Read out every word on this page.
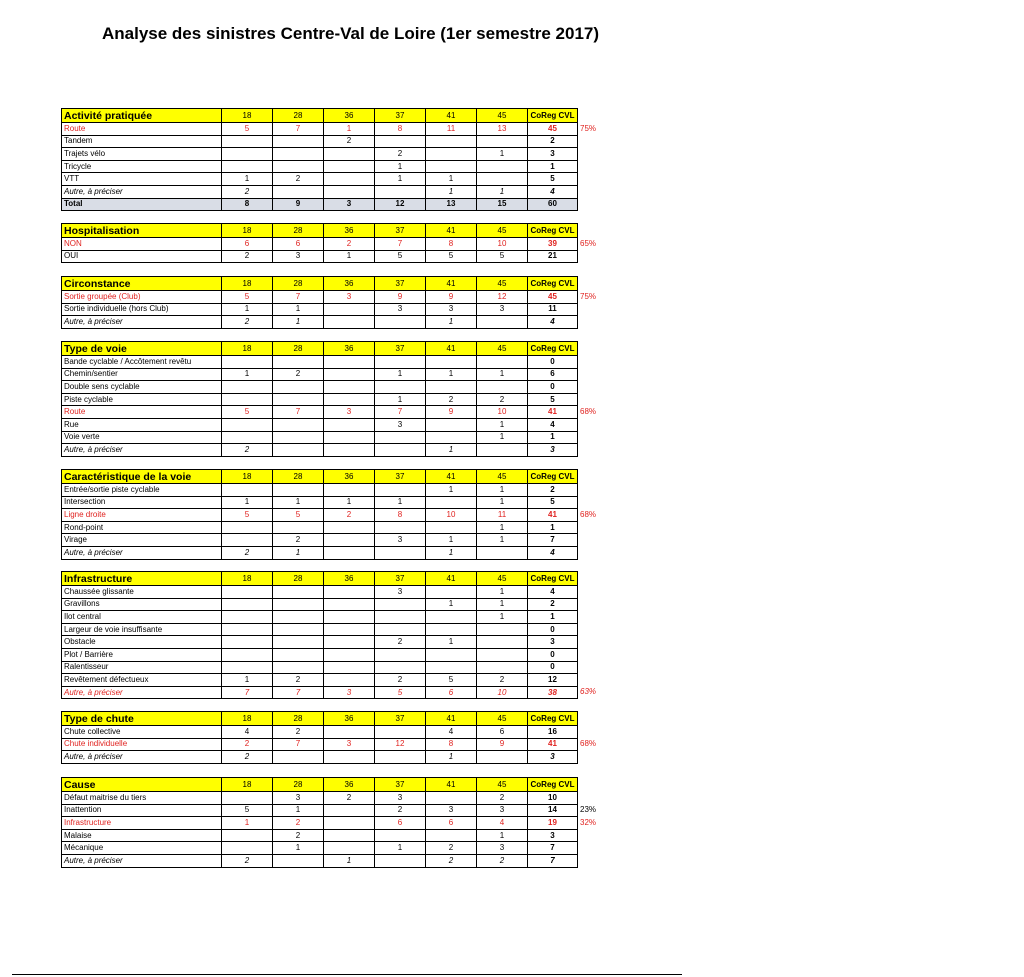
Analyse des sinistres Centre-Val de Loire (1er semestre 2017)
75%
Activité pratiquée	18	28	36	37	41	45	CoReg CVL
Route	5	7	1	8	11	13	45
Tandem			2				2
Trajets vélo				2		1	3
Tricycle				1			1
VTT	1	2		1	1		5
Autre, à préciser	2				1	1	4
Total	8	9	3	12	13	15	60
65%
Hospitalisation	18	28	36	37	41	45	CoReg CVL
NON	6	6	2	7	8	10	39
OUI	2	3	1	5	5	5	21
75%
Circonstance	18	28	36	37	41	45	CoReg CVL
Sortie groupée (Club)	5	7	3	9	9	12	45
Sortie individuelle (hors Club)	1	1		3	3	3	11
Autre, à préciser	2	1			1		4
68%
Type de voie	18	28	36	37	41	45	CoReg CVL
Bande cyclable / Accôtement revêtu							0
Chemin/sentier	1	2		1	1	1	6
Double sens cyclable							0
Piste cyclable				1	2	2	5
Route	5	7	3	7	9	10	41
Rue				3		1	4
Voie verte						1	1
Autre, à préciser	2				1		3
68%
Caractéristique de la voie	18	28	36	37	41	45	CoReg CVL
Entrée/sortie piste cyclable					1	1	2
Intersection	1	1	1	1		1	5
Ligne droite	5	5	2	8	10	11	41
Rond-point						1	1
Virage		2		3	1	1	7
Autre, à préciser	2	1			1		4
63%
Infrastructure	18	28	36	37	41	45	CoReg CVL
Chaussée glissante				3		1	4
Gravillons					1	1	2
Ilot central						1	1
Largeur de voie insuffisante							0
Obstacle				2	1		3
Plot / Barrière							0
Ralentisseur							0
Revêtement défectueux	1	2		2	5	2	12
Autre, à préciser	7	7	3	5	6	10	38
68%
Type de chute	18	28	36	37	41	45	CoReg CVL
Chute collective	4	2			4	6	16
Chute individuelle	2	7	3	12	8	9	41
Autre, à préciser	2				1		3
23%
32%
Cause	18	28	36	37	41	45	CoReg CVL
Défaut maitrise du tiers		3	2	3		2	10
Inattention	5	1		2	3	3	14
Infrastructure	1	2		6	6	4	19
Malaise		2				1	3
Mécanique		1		1	2	3	7
Autre, à préciser	2		1		2	2	7
